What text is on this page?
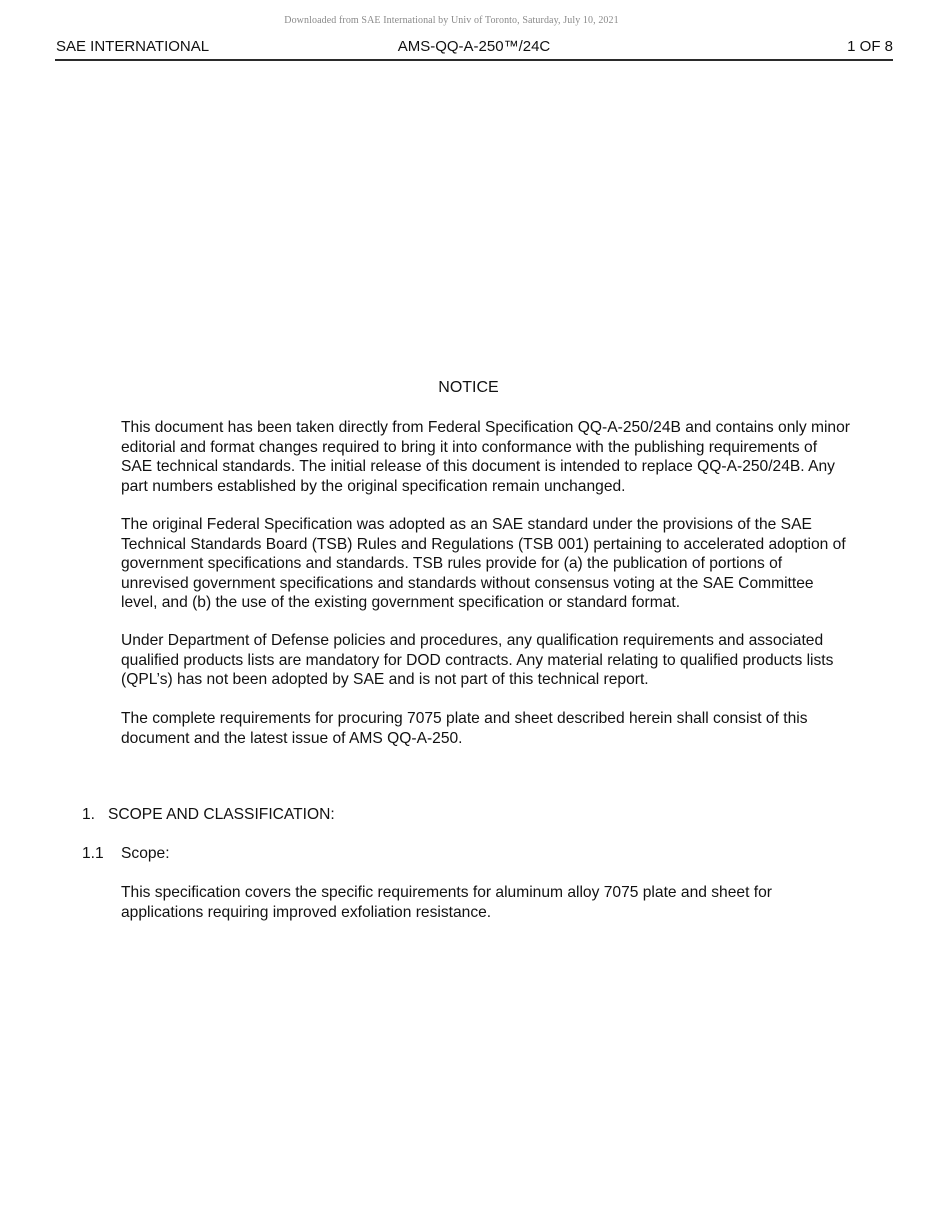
Downloaded from SAE International by Univ of Toronto, Saturday, July 10, 2021
SAE INTERNATIONAL	AMS-QQ-A-250™/24C	1 OF 8
NOTICE

This document has been taken directly from Federal Specification QQ-A-250/24B and contains only minor editorial and format changes required to bring it into conformance with the publishing requirements of SAE technical standards. The initial release of this document is intended to replace QQ-A-250/24B. Any part numbers established by the original specification remain unchanged.

The original Federal Specification was adopted as an SAE standard under the provisions of the SAE Technical Standards Board (TSB) Rules and Regulations (TSB 001) pertaining to accelerated adoption of government specifications and standards. TSB rules provide for (a) the publication of portions of unrevised government specifications and standards without consensus voting at the SAE Committee level, and (b) the use of the existing government specification or standard format.

Under Department of Defense policies and procedures, any qualification requirements and associated qualified products lists are mandatory for DOD contracts. Any material relating to qualified products lists (QPL’s) has not been adopted by SAE and is not part of this technical report.

The complete requirements for procuring 7075 plate and sheet described herein shall consist of this document and the latest issue of AMS QQ-A-250.

1. SCOPE AND CLASSIFICATION:
1.1 Scope:

This specification covers the specific requirements for aluminum alloy 7075 plate and sheet for applications requiring improved exfoliation resistance.
